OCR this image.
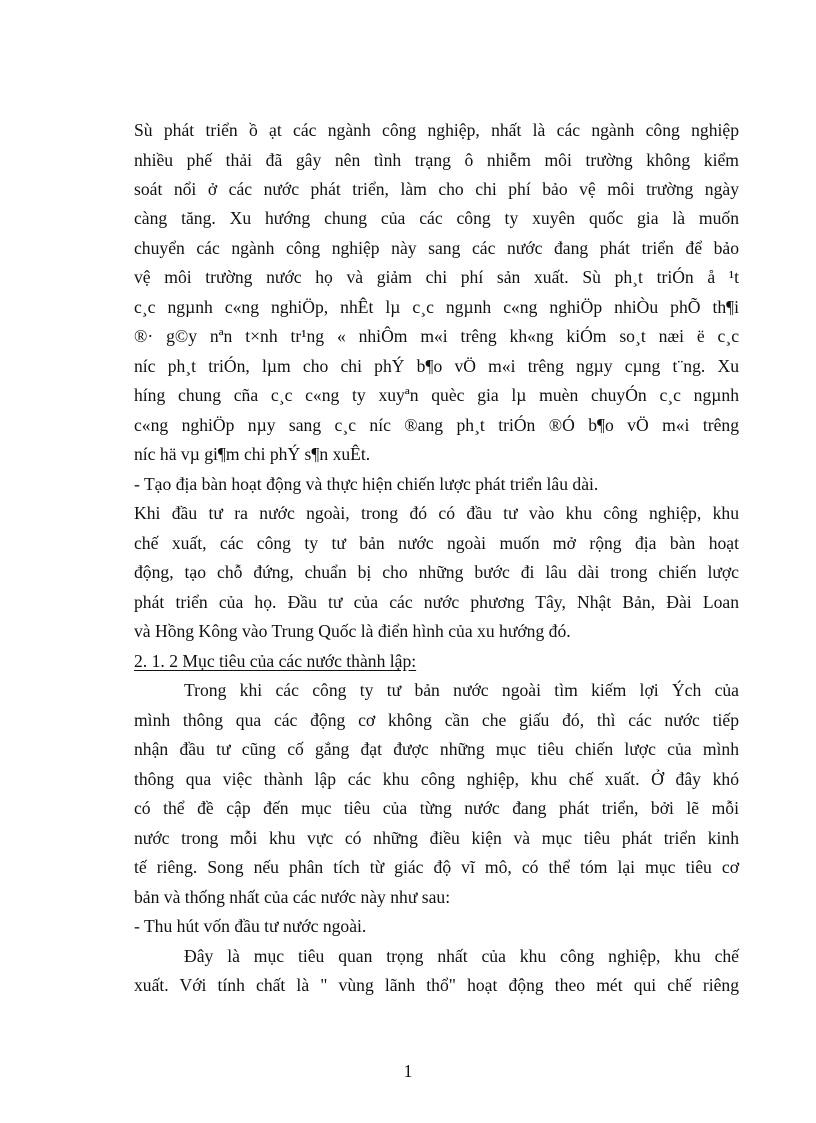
Sù phát triển ồ ạt các ngành công nghiệp, nhất là các ngành công nghiệp
nhiều phế thải đã gây nên tình trạng ô nhiễm môi trường không kiểm
soát nổi ở các nước phát triển, làm cho chi phí bảo vệ môi trường ngày
càng tăng. Xu hướng chung của các công ty xuyên quốc gia là muốn
chuyển các ngành công nghiệp này sang các nước đang phát triển để bảo
vệ môi trường nước họ và giảm chi phí sản xuất. Sù ph¸t triÓn å ¹t
c¸c ngµnh c«ng nghiÖp, nhÊt lµ c¸c ngµnh c«ng nghiÖp nhiÒu phÕ th¶i
®· g©y nªn t×nh tr¹ng « nhiÔm m«i trêng kh«ng kiÓm so¸t næi ë c¸c
níc ph¸t triÓn, lµm cho chi phÝ b¶o vÖ m«i trêng ngµy cµng t¨ng. Xu
híng chung cña c¸c c«ng ty xuyªn quèc gia lµ muèn chuyÓn c¸c ngµnh
c«ng nghiÖp nµy sang c¸c níc ®ang ph¸t triÓn ®Ó b¶o vÖ m«i trêng
níc hä vµ gi¶m chi phÝ s¶n xuÊt.
- Tạo địa bàn hoạt động và thực hiện chiến lược phát triển lâu dài.
Khi đầu tư ra nước ngoài, trong đó có đầu tư vào khu công nghiệp, khu
chế xuất, các công ty tư bản nước ngoài muốn mở rộng địa bàn hoạt
động, tạo chỗ đứng, chuẩn bị cho những bước đi lâu dài trong chiến lược
phát triển của họ. Đầu tư của các nước phương Tây, Nhật Bản, Đài Loan
và Hồng Kông vào Trung Quốc là điển hình của xu hướng đó.
2. 1. 2 Mục tiêu của các nước thành lập:
Trong khi các công ty tư bản nước ngoài tìm kiếm lợi Ých của
mình thông qua các động cơ không cần che giấu đó, thì các nước tiếp
nhận đầu tư cũng cố gắng đạt được những mục tiêu chiến lược của mình
thông qua việc thành lập các khu công nghiệp, khu chế xuất. Ở đây khó
có thể đề cập đến mục tiêu của từng nước đang phát triển, bởi lẽ mỗi
nước trong mỗi khu vực có những điều kiện và mục tiêu phát triển kinh
tế riêng. Song nếu phân tích từ giác độ vĩ mô, có thể tóm lại mục tiêu cơ
bản và thống nhất của các nước này như sau:
- Thu hút vốn đầu tư nước ngoài.
Đây là mục tiêu quan trọng nhất của khu công nghiệp, khu chế
xuất. Với tính chất là " vùng lãnh thổ" hoạt động theo mét qui chế riêng
1
